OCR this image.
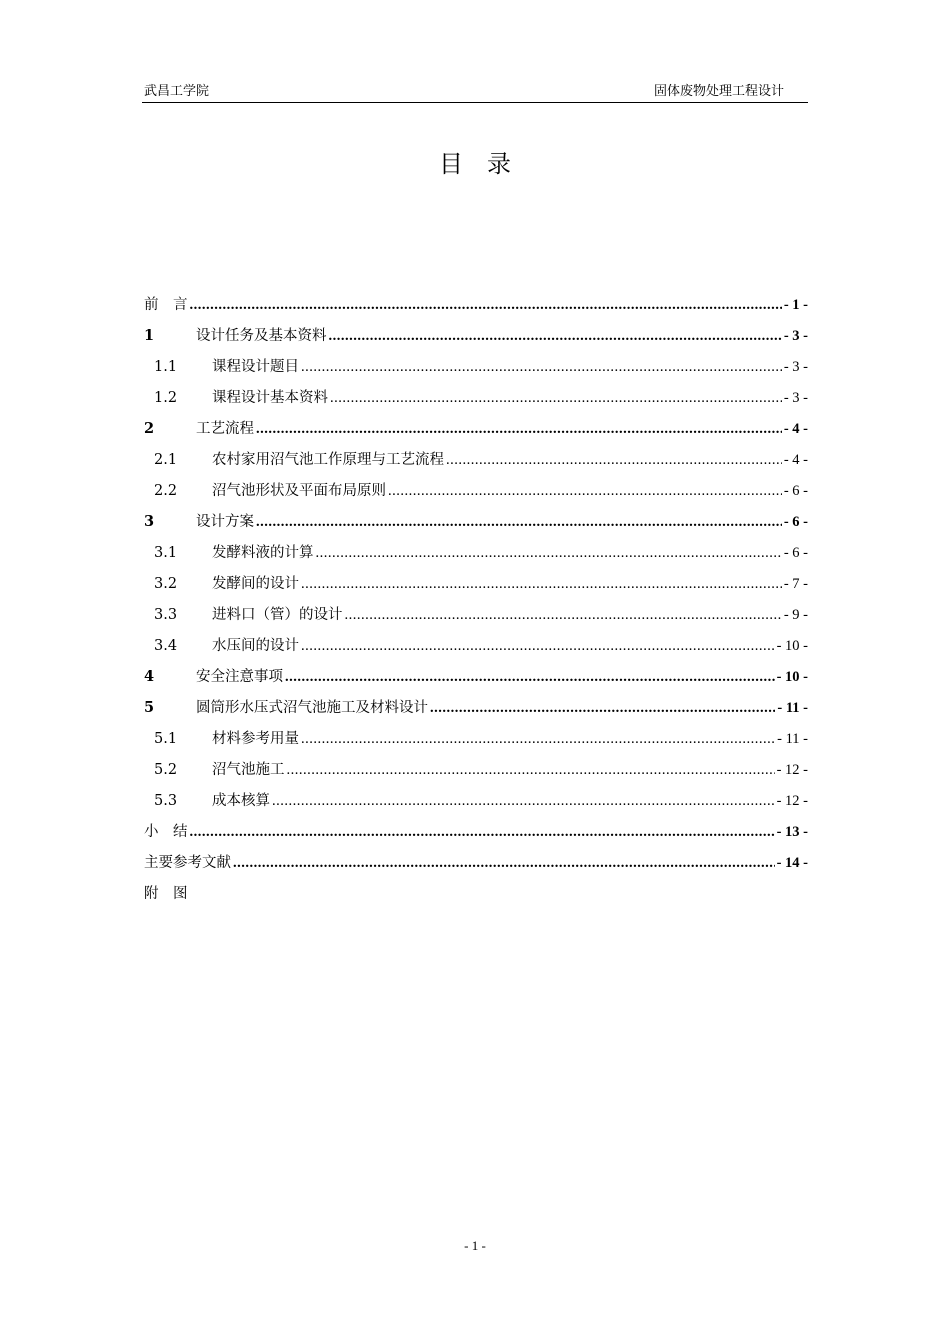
武昌工学院	固体废物处理工程设计
目　录
前　言 .....	- 1 -
1	设计任务及基本资料 .....	- 3 -
1.1	课程设计题目 .....	- 3 -
1.2	课程设计基本资料 .....	- 3 -
2	工艺流程 .....	- 4 -
2.1	农村家用沼气池工作原理与工艺流程 .....	- 4 -
2.2	沼气池形状及平面布局原则 .....	- 6 -
3	设计方案 .....	- 6 -
3.1	发酵料液的计算 .....	- 6 -
3.2	发酵间的设计 .....	- 7 -
3.3	进料口（管）的设计 .....	- 9 -
3.4	水压间的设计 .....	- 10 -
4	安全注意事项 .....	- 10 -
5	圆筒形水压式沼气池施工及材料设计 .....	- 11 -
5.1	材料参考用量 .....	- 11 -
5.2	沼气池施工 .....	- 12 -
5.3	成本核算 .....	- 12 -
小　结 .....	- 13 -
主要参考文献 .....	- 14 -
附　图
- 1 -
